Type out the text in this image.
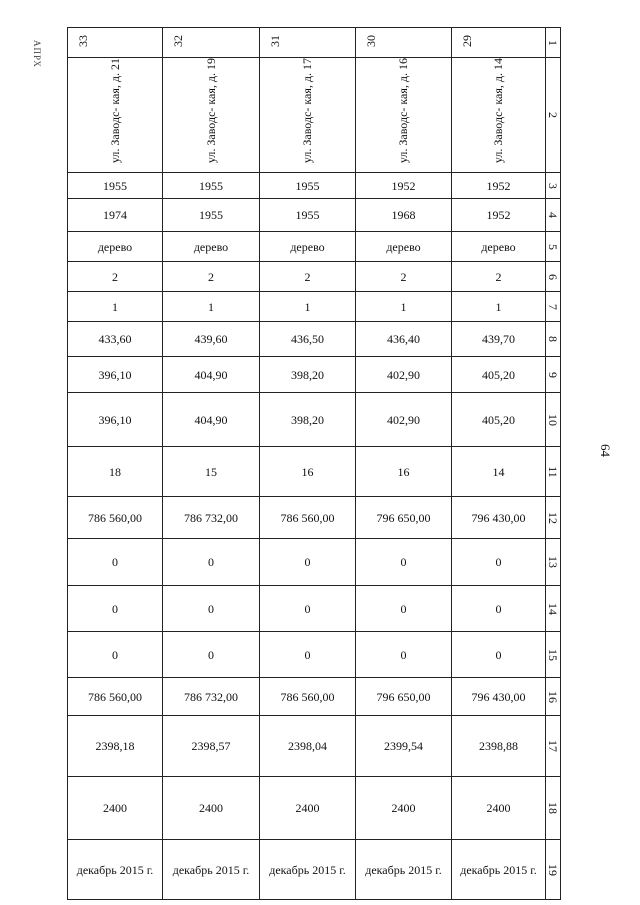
АПРХ
64
33	32	31	30	29	1
ул. Заводс- кая, д. 21	ул. Заводс- кая, д. 19	ул. Заводс- кая, д. 17	ул. Заводс- кая, д. 16	ул. Заводс- кая, д. 14	2
1955	1955	1955	1952	1952	3
1974	1955	1955	1968	1952	4
дерево	дерево	дерево	дерево	дерево	5
2	2	2	2	2	6
1	1	1	1	1	7
433,60	439,60	436,50	436,40	439,70	8
396,10	404,90	398,20	402,90	405,20	9
396,10	404,90	398,20	402,90	405,20	10
18	15	16	16	14	11
786 560,00	786 732,00	786 560,00	796 650,00	796 430,00	12
0	0	0	0	0	13
0	0	0	0	0	14
0	0	0	0	0	15
786 560,00	786 732,00	786 560,00	796 650,00	796 430,00	16
2398,18	2398,57	2398,04	2399,54	2398,88	17
2400	2400	2400	2400	2400	18
декабрь 2015 г.	декабрь 2015 г.	декабрь 2015 г.	декабрь 2015 г.	декабрь 2015 г.	19
